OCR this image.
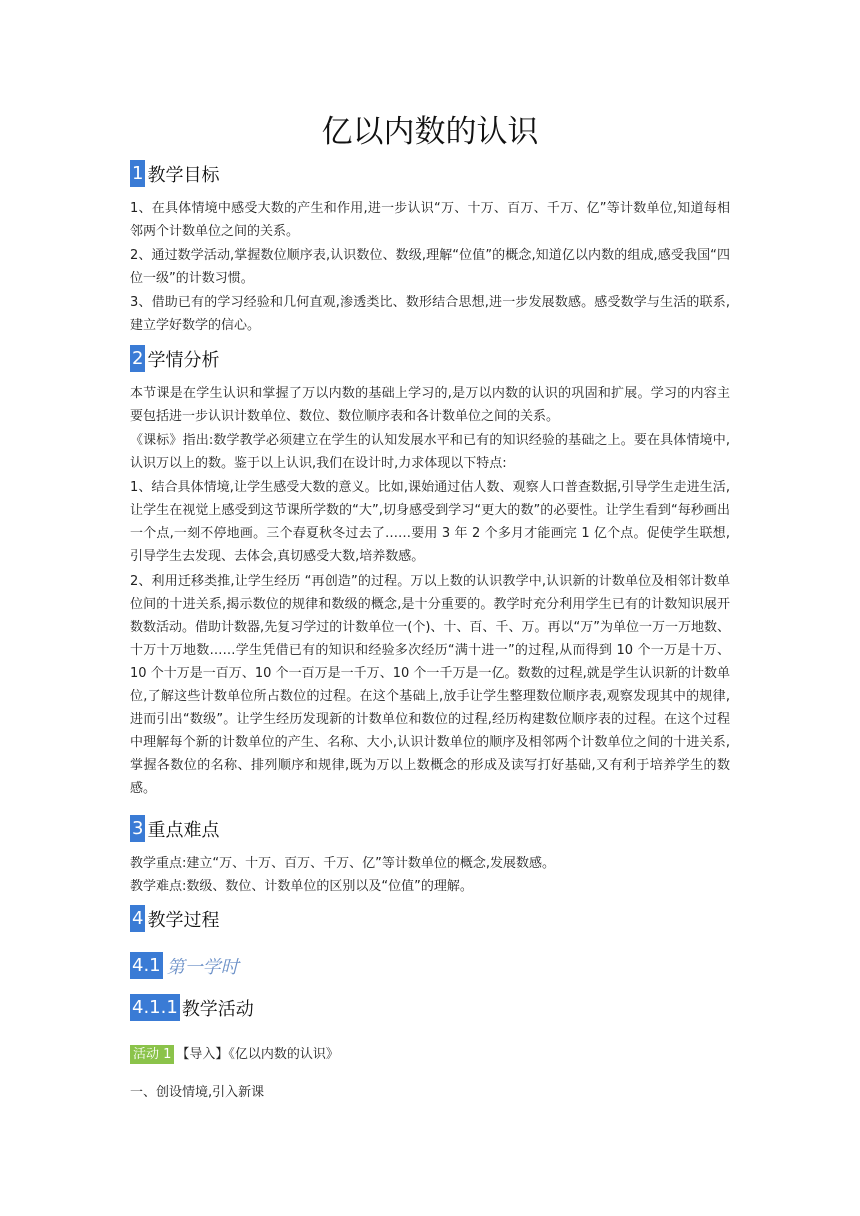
亿以内数的认识
1 教学目标

1、在具体情境中感受大数的产生和作用,进一步认识“万、十万、百万、千万、亿”等计数单位,知道每相邻两个计数单位之间的关系。

2、通过数学活动,掌握数位顺序表,认识数位、数级,理解“位值”的概念,知道亿以内数的组成,感受我国“四位一级”的计数习惯。

3、借助已有的学习经验和几何直观,渗透类比、数形结合思想,进一步发展数感。感受数学与生活的联系,建立学好数学的信心。

2 学情分析

本节课是在学生认识和掌握了万以内数的基础上学习的,是万以内数的认识的巩固和扩展。学习的内容主要包括进一步认识计数单位、数位、数位顺序表和各计数单位之间的关系。

《课标》指出:数学教学必须建立在学生的认知发展水平和已有的知识经验的基础之上。要在具体情境中,认识万以上的数。鉴于以上认识,我们在设计时,力求体现以下特点:

1、结合具体情境,让学生感受大数的意义。比如,课始通过估人数、观察人口普查数据,引导学生走进生活,让学生在视觉上感受到这节课所学数的“大”,切身感受到学习“更大的数”的必要性。让学生看到“每秒画出一个点,一刻不停地画。三个春夏秋冬过去了……要用 3 年 2 个多月才能画完 1 亿个点。促使学生联想,引导学生去发现、去体会,真切感受大数,培养数感。

2、利用迁移类推,让学生经历 “再创造”的过程。万以上数的认识教学中,认识新的计数单位及相邻计数单位间的十进关系,揭示数位的规律和数级的概念,是十分重要的。教学时充分利用学生已有的计数知识展开数数活动。借助计数器,先复习学过的计数单位一(个)、十、百、千、万。再以“万”为单位一万一万地数、十万十万地数……学生凭借已有的知识和经验多次经历“满十进一”的过程,从而得到 10 个一万是十万、10 个十万是一百万、10 个一百万是一千万、10 个一千万是一亿。数数的过程,就是学生认识新的计数单位,了解这些计数单位所占数位的过程。在这个基础上,放手让学生整理数位顺序表,观察发现其中的规律,进而引出“数级”。让学生经历发现新的计数单位和数位的过程,经历构建数位顺序表的过程。在这个过程中理解每个新的计数单位的产生、名称、大小,认识计数单位的顺序及相邻两个计数单位之间的十进关系,掌握各数位的名称、排列顺序和规律,既为万以上数概念的形成及读写打好基础,又有利于培养学生的数感。

3 重点难点

教学重点:建立“万、十万、百万、千万、亿”等计数单位的概念,发展数感。

教学难点:数级、数位、计数单位的区别以及“位值”的理解。

4 教学过程
4.1 第一学时
4.1.1 教学活动

活动 1 【导入】《亿以内数的认识》

一、创设情境,引入新课
